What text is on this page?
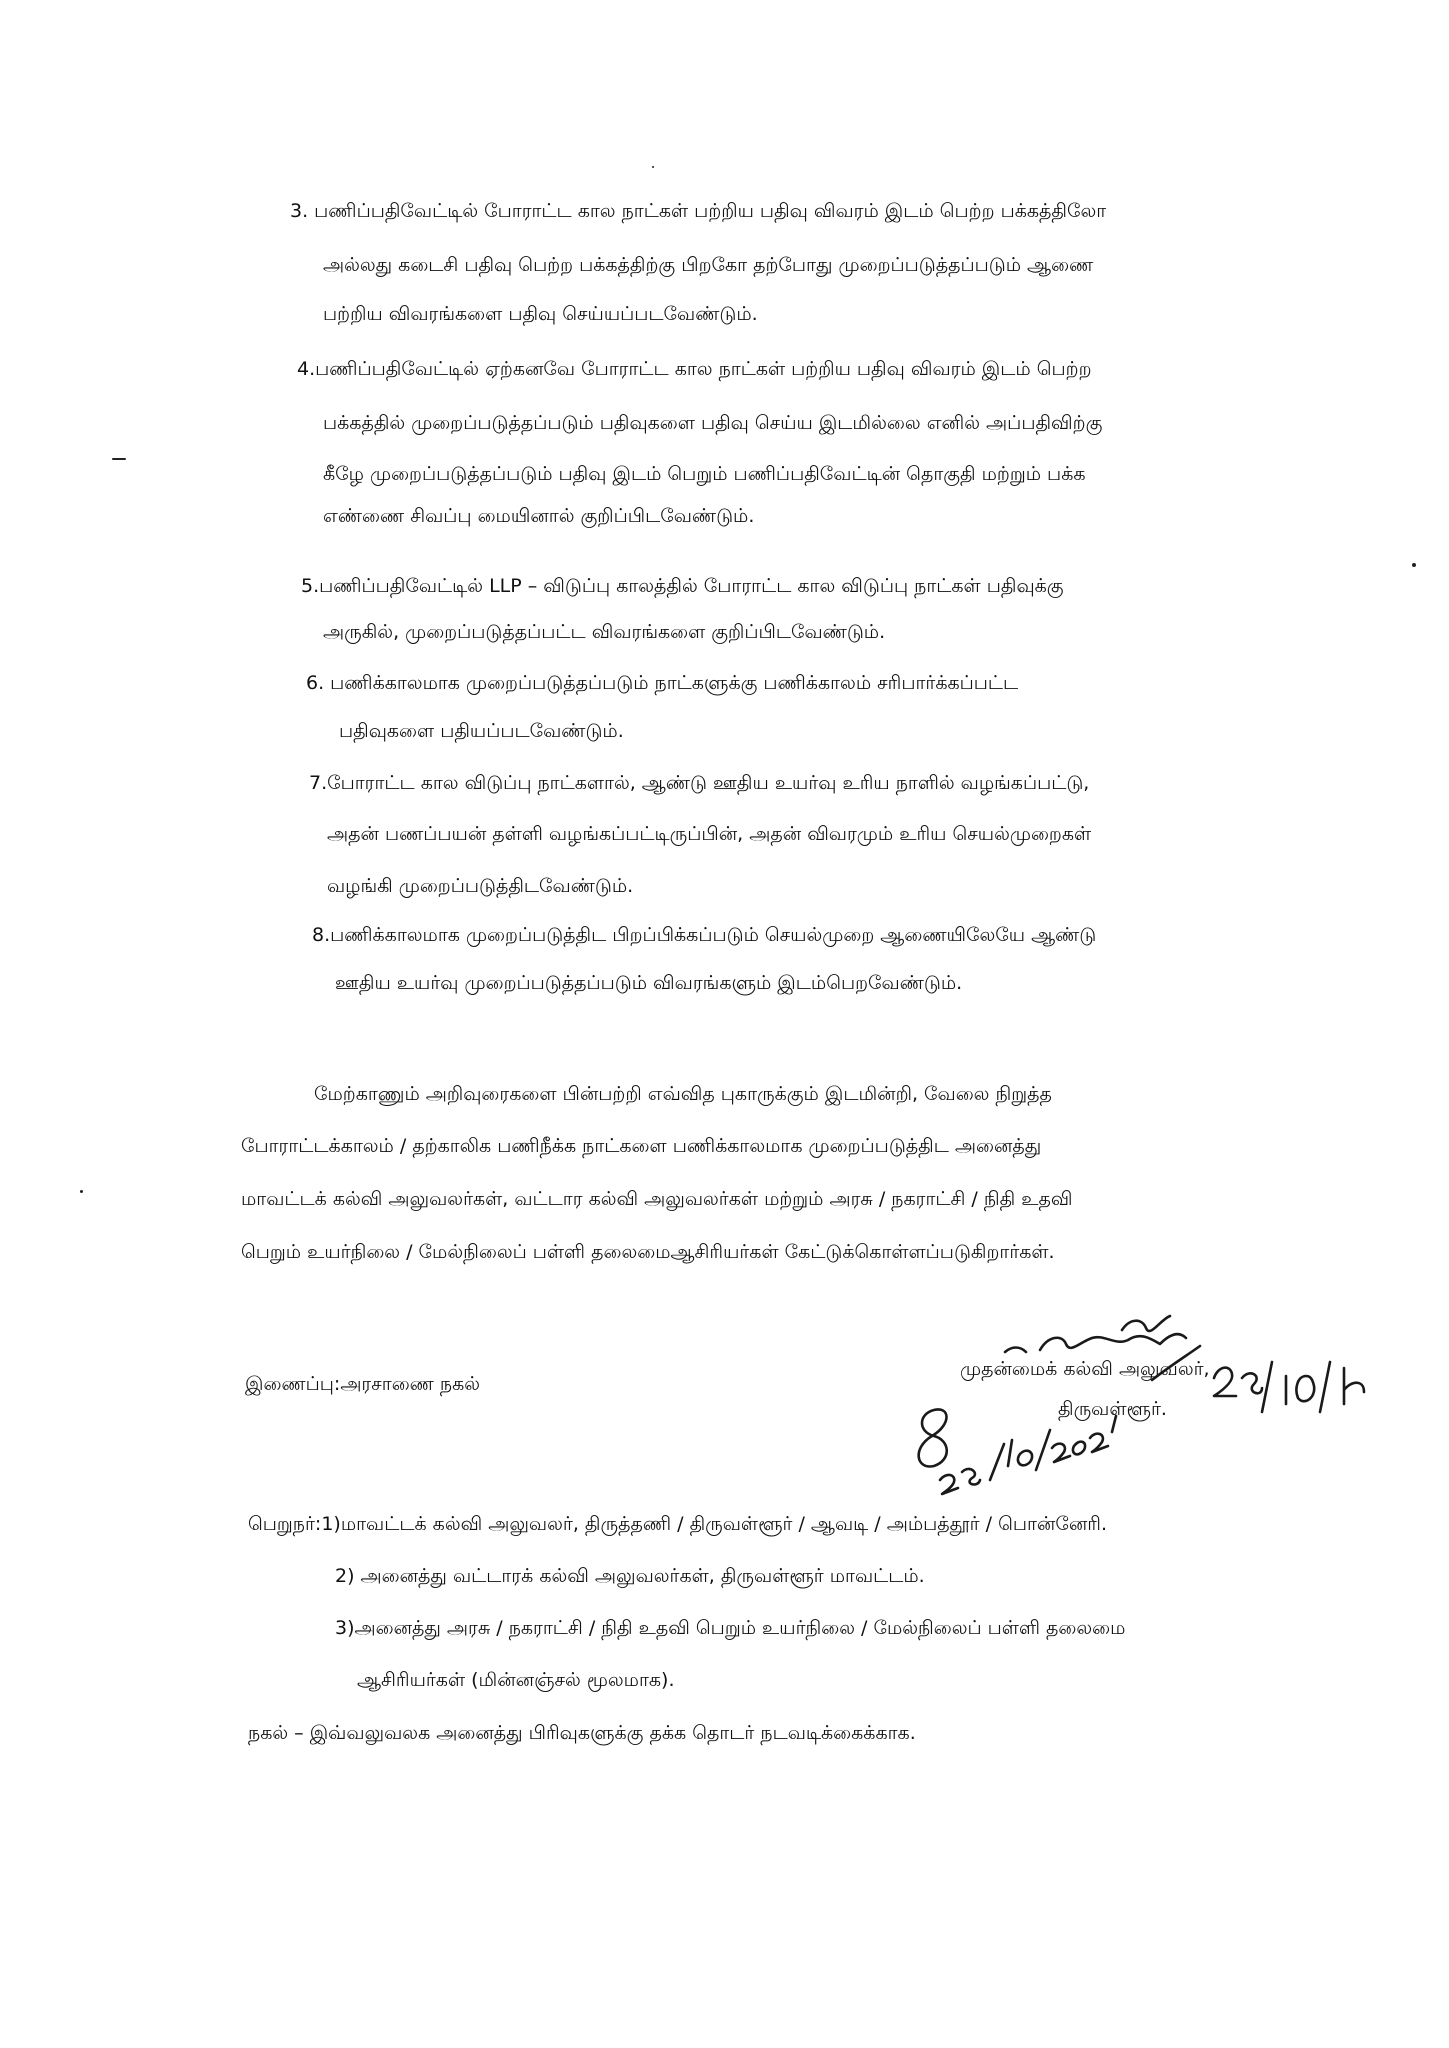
3. பணிப்பதிவேட்டில் போராட்ட கால நாட்கள் பற்றிய பதிவு விவரம் இடம் பெற்ற பக்கத்திலோ
அல்லது கடைசி பதிவு பெற்ற பக்கத்திற்கு பிறகோ தற்போது முறைப்படுத்தப்படும் ஆணை
பற்றிய விவரங்களை பதிவு செய்யப்படவேண்டும்.
4.பணிப்பதிவேட்டில் ஏற்கனவே போராட்ட கால நாட்கள் பற்றிய பதிவு விவரம் இடம் பெற்ற
பக்கத்தில் முறைப்படுத்தப்படும் பதிவுகளை பதிவு செய்ய இடமில்லை எனில் அப்பதிவிற்கு
கீழே முறைப்படுத்தப்படும் பதிவு இடம் பெறும் பணிப்பதிவேட்டின் தொகுதி மற்றும் பக்க
எண்ணை சிவப்பு மையினால் குறிப்பிடவேண்டும்.
5.பணிப்பதிவேட்டில் LLP – விடுப்பு காலத்தில் போராட்ட கால விடுப்பு நாட்கள் பதிவுக்கு
அருகில், முறைப்படுத்தப்பட்ட விவரங்களை குறிப்பிடவேண்டும்.
6. பணிக்காலமாக முறைப்படுத்தப்படும் நாட்களுக்கு பணிக்காலம் சரிபார்க்கப்பட்ட
பதிவுகளை பதியப்படவேண்டும்.
7.போராட்ட கால விடுப்பு நாட்களால், ஆண்டு ஊதிய உயர்வு உரிய நாளில் வழங்கப்பட்டு,
அதன் பணப்பயன் தள்ளி வழங்கப்பட்டிருப்பின், அதன் விவரமும் உரிய செயல்முறைகள்
வழங்கி முறைப்படுத்திடவேண்டும்.
8.பணிக்காலமாக முறைப்படுத்திட பிறப்பிக்கப்படும் செயல்முறை ஆணையிலேயே ஆண்டு
ஊதிய உயர்வு முறைப்படுத்தப்படும் விவரங்களும் இடம்பெறவேண்டும்.
மேற்காணும் அறிவுரைகளை பின்பற்றி எவ்வித புகாருக்கும் இடமின்றி, வேலை நிறுத்த
போராட்டக்காலம் / தற்காலிக பணிநீக்க நாட்களை பணிக்காலமாக முறைப்படுத்திட அனைத்து
மாவட்டக் கல்வி அலுவலர்கள், வட்டார கல்வி அலுவலர்கள் மற்றும் அரசு / நகராட்சி / நிதி உதவி
பெறும் உயர்நிலை / மேல்நிலைப் பள்ளி தலைமைஆசிரியர்கள் கேட்டுக்கொள்ளப்படுகிறார்கள்.
இணைப்பு:அரசாணை நகல்
முதன்மைக் கல்வி அலுவலர்,
திருவள்ளூர்.
பெறுநர்:1)மாவட்டக் கல்வி அலுவலர், திருத்தணி / திருவள்ளூர் / ஆவடி / அம்பத்தூர் / பொன்னேரி.
2) அனைத்து வட்டாரக் கல்வி அலுவலர்கள், திருவள்ளூர் மாவட்டம்.
3)அனைத்து அரசு / நகராட்சி / நிதி உதவி பெறும் உயர்நிலை / மேல்நிலைப் பள்ளி தலைமை
ஆசிரியர்கள் (மின்னஞ்சல் மூலமாக).
நகல் – இவ்வலுவலக அனைத்து பிரிவுகளுக்கு தக்க தொடர் நடவடிக்கைக்காக.
